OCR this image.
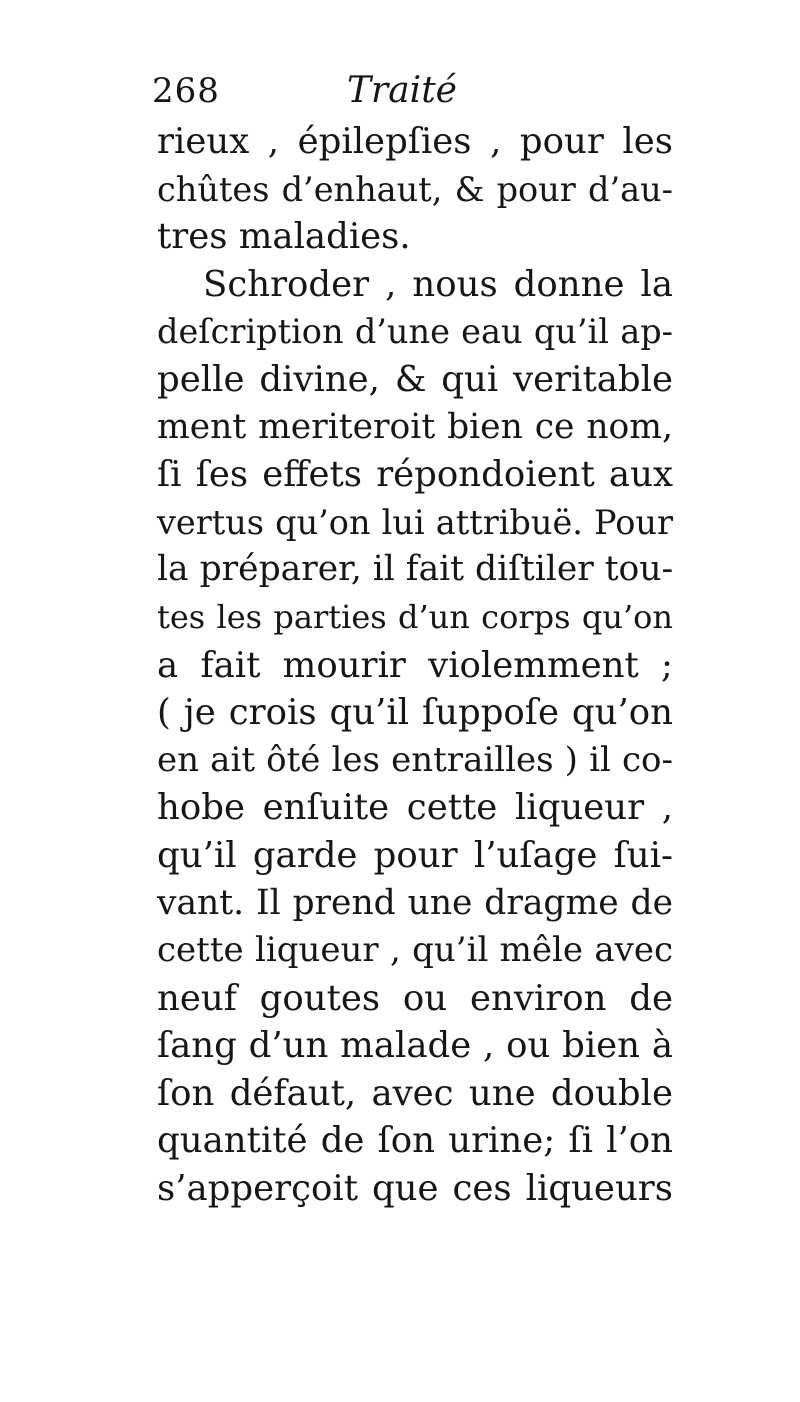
268	Traité
rieux , épilepſies , pour les
chûtes d’enhaut, & pour d’au-
tres maladies.
Schroder , nous donne la
deſcription d’une eau qu’il ap-
pelle divine, & qui veritable
ment meriteroit bien ce nom,
ſi ſes effets répondoient aux
vertus qu’on lui attribuë. Pour
la préparer, il fait diſtiler tou-
tes les parties d’un corps qu’on
a fait mourir violemment ;
( je crois qu’il ſuppoſe qu’on
en ait ôté les entrailles ) il co-
hobe enſuite cette liqueur ,
qu’il garde pour l’uſage ſui-
vant. Il prend une dragme de
cette liqueur , qu’il mêle avec
neuf goutes ou environ de
ſang d’un malade , ou bien à
ſon défaut, avec une double
quantité de ſon urine; ſi l’on
s’apperçoit que ces liqueurs
